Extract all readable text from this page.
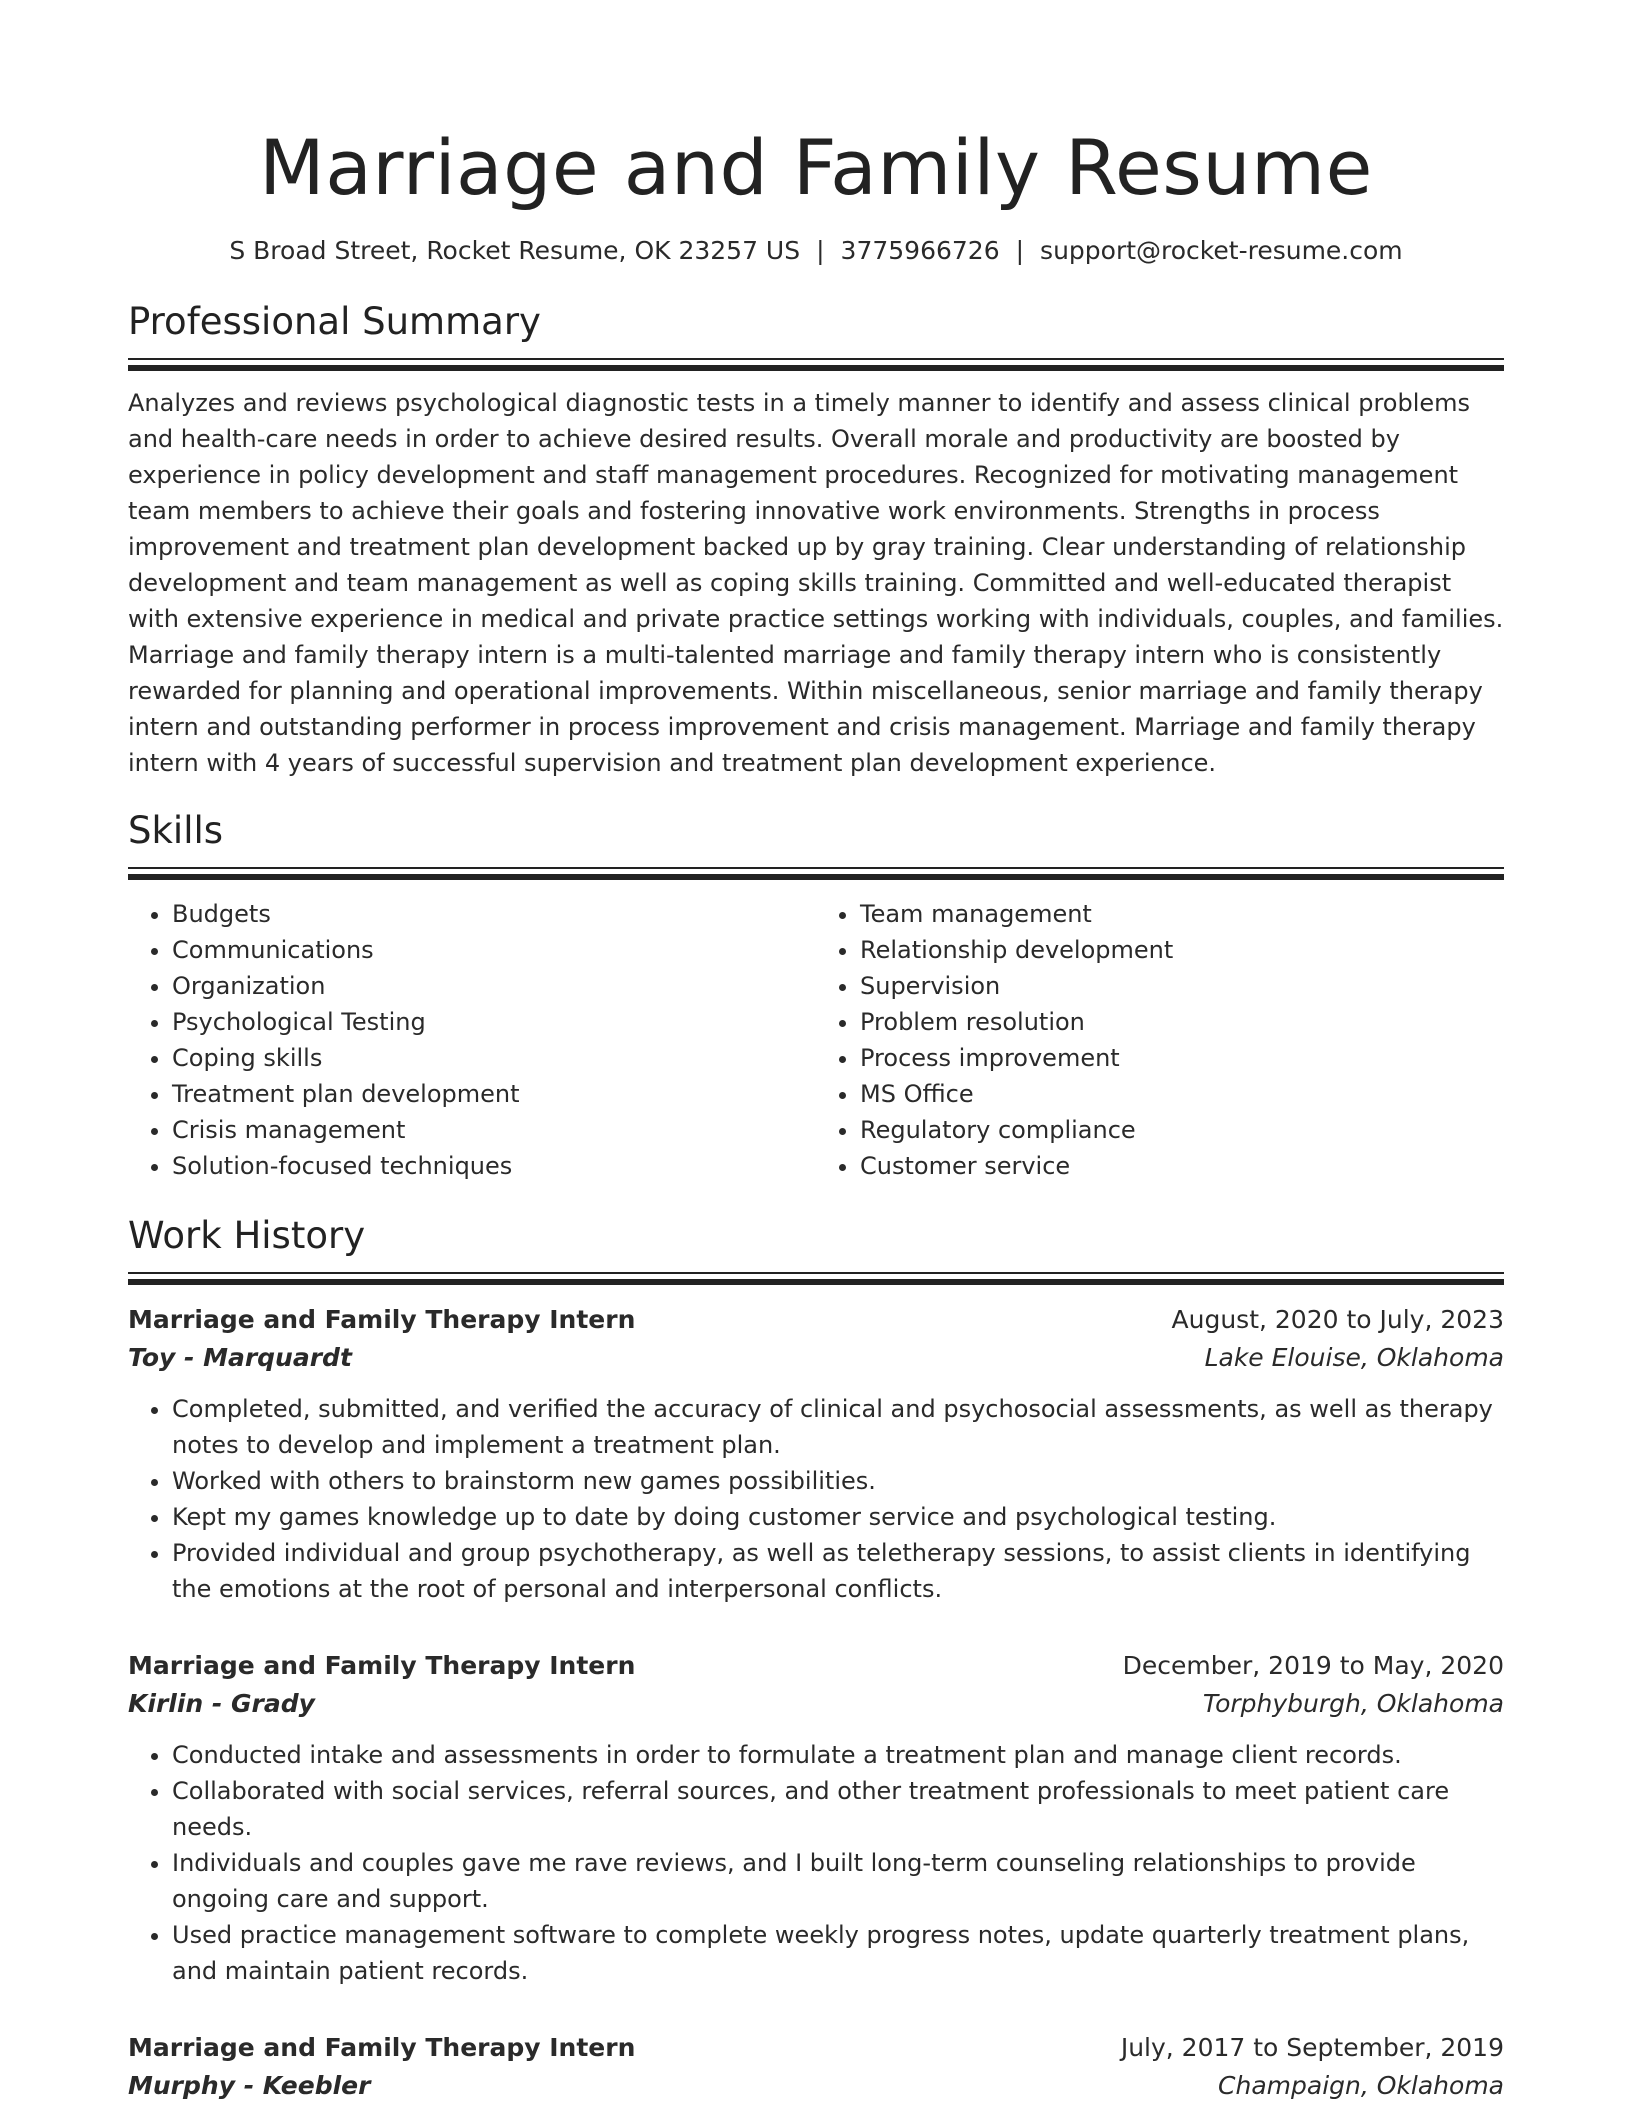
Marriage and Family Resume
S Broad Street, Rocket Resume, OK 23257 US | 3775966726 | support@rocket-resume.com
Professional Summary

Analyzes and reviews psychological diagnostic tests in a timely manner to identify and assess clinical problems and health-care needs in order to achieve desired results. Overall morale and productivity are boosted by experience in policy development and staff management procedures. Recognized for motivating management team members to achieve their goals and fostering innovative work environments. Strengths in process improvement and treatment plan development backed up by gray training. Clear understanding of relationship development and team management as well as coping skills training. Committed and well-educated therapist with extensive experience in medical and private practice settings working with individuals, couples, and families. Marriage and family therapy intern is a multi-talented marriage and family therapy intern who is consistently rewarded for planning and operational improvements. Within miscellaneous, senior marriage and family therapy intern and outstanding performer in process improvement and crisis management. Marriage and family therapy intern with 4 years of successful supervision and treatment plan development experience.

Skills
• Budgets
• Communications
• Organization
• Psychological Testing
• Coping skills
• Treatment plan development
• Crisis management
• Solution-focused techniques
• Team management
• Relationship development
• Supervision
• Problem resolution
• Process improvement
• MS Office
• Regulatory compliance
• Customer service
Work History
Marriage and Family Therapy Intern	August, 2020 to July, 2023
Toy - Marquardt	Lake Elouise, Oklahoma
• Completed, submitted, and verified the accuracy of clinical and psychosocial assessments, as well as therapy notes to develop and implement a treatment plan.
• Worked with others to brainstorm new games possibilities.
• Kept my games knowledge up to date by doing customer service and psychological testing.
• Provided individual and group psychotherapy, as well as teletherapy sessions, to assist clients in identifying the emotions at the root of personal and interpersonal conflicts.
Marriage and Family Therapy Intern	December, 2019 to May, 2020
Kirlin - Grady	Torphyburgh, Oklahoma
• Conducted intake and assessments in order to formulate a treatment plan and manage client records.
• Collaborated with social services, referral sources, and other treatment professionals to meet patient care needs.
• Individuals and couples gave me rave reviews, and I built long-term counseling relationships to provide ongoing care and support.
• Used practice management software to complete weekly progress notes, update quarterly treatment plans, and maintain patient records.
Marriage and Family Therapy Intern	July, 2017 to September, 2019
Murphy - Keebler	Champaign, Oklahoma
